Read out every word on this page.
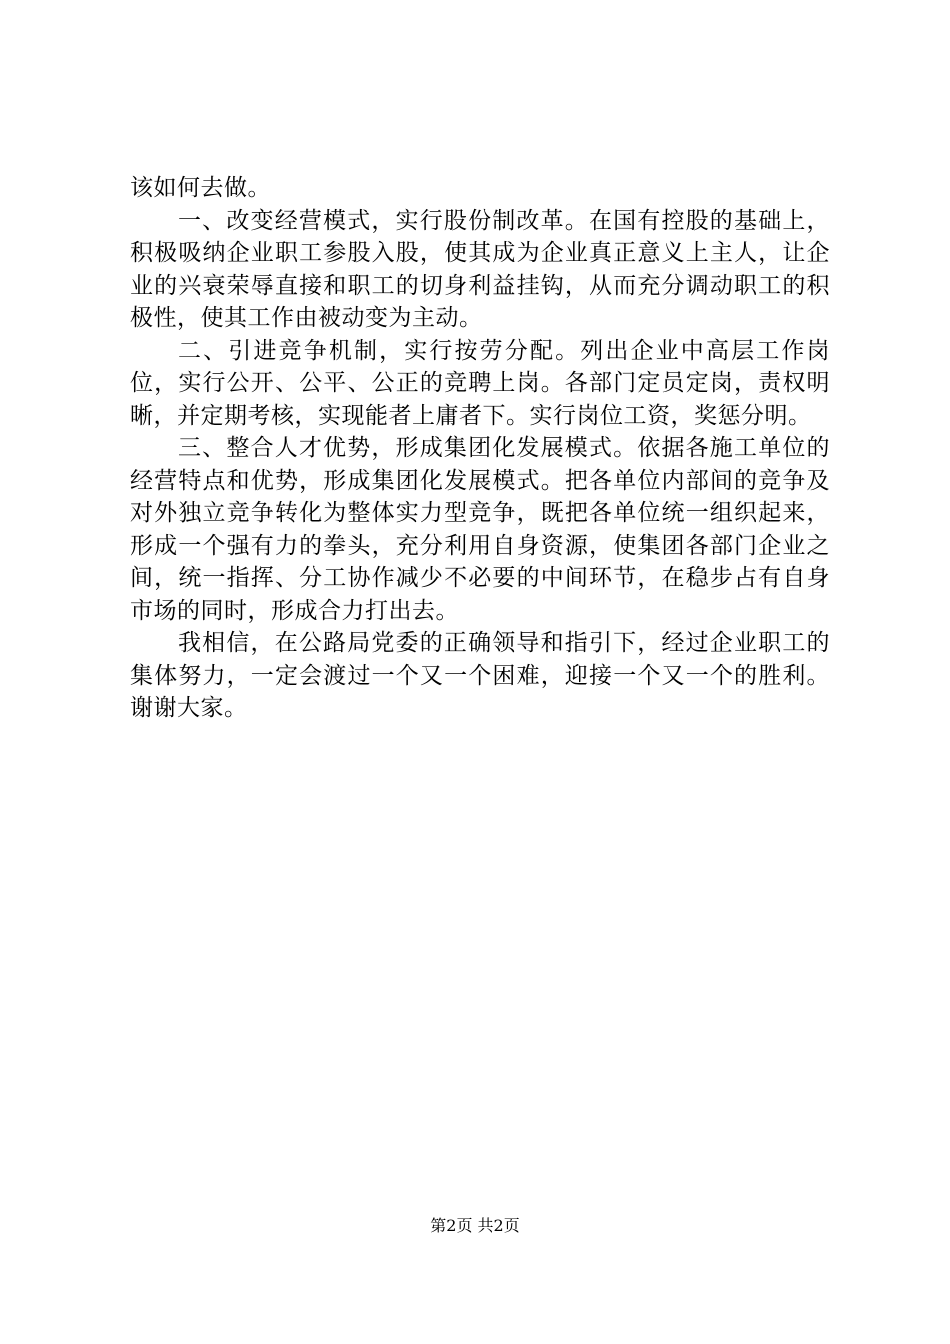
该如何去做。

一、改变经营模式，实行股份制改革。在国有控股的基础上，积极吸纳企业职工参股入股，使其成为企业真正意义上主人，让企业的兴衰荣辱直接和职工的切身利益挂钩，从而充分调动职工的积极性，使其工作由被动变为主动。

二、引进竞争机制，实行按劳分配。列出企业中高层工作岗位，实行公开、公平、公正的竞聘上岗。各部门定员定岗，责权明晰，并定期考核，实现能者上庸者下。实行岗位工资，奖惩分明。

三、整合人才优势，形成集团化发展模式。依据各施工单位的经营特点和优势，形成集团化发展模式。把各单位内部间的竞争及对外独立竞争转化为整体实力型竞争，既把各单位统一组织起来，形成一个强有力的拳头，充分利用自身资源，使集团各部门企业之间，统一指挥、分工协作减少不必要的中间环节，在稳步占有自身市场的同时，形成合力打出去。

我相信，在公路局党委的正确领导和指引下，经过企业职工的集体努力，一定会渡过一个又一个困难，迎接一个又一个的胜利。谢谢大家。

第2页 共2页
